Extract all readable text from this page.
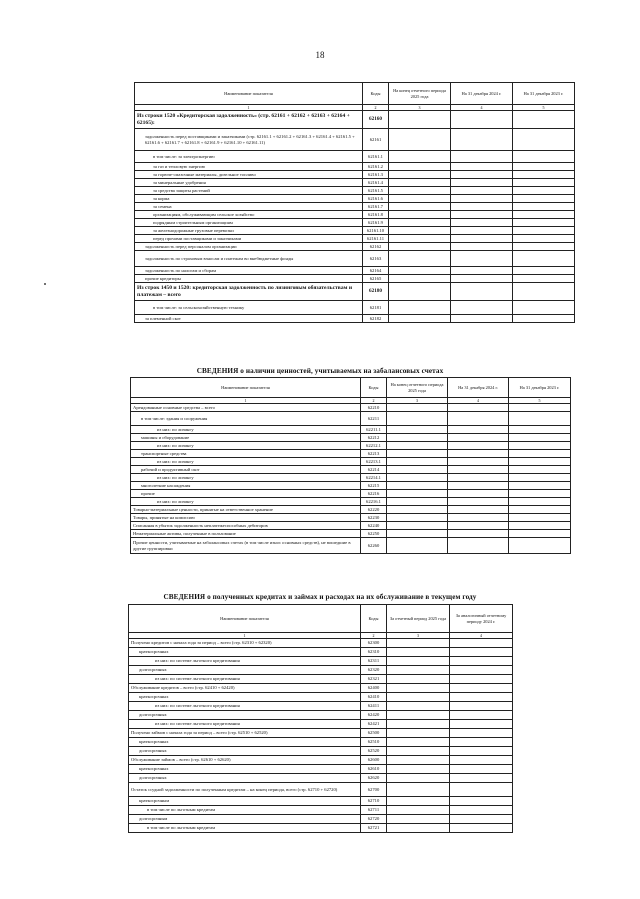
18
Наименование показателя	Коды	На конец отчетного периода 2025 года	На 31 декабря 2024 г.	На 31 декабря 2023 г.
1	2	3	4	5
Из строки 1520 «Кредиторская задолженность» (стр. 62161 + 62162 + 62163 + 62164 + 62165):	62160			
задолженность перед поставщиками и заказчиками (стр. 62161.1 + 62161.2 + 62161.3 + 62161.4 + 62161.5 + 62161.6 + 62161.7 + 62161.8 + 62161.9 + 62161.10 + 62161.11)	62161			
в том числе: за электроэнергию	62161.1			
за газ и тепловую энергию	62161.2			
за горюче-смазочные материалы, дизельное топливо	62161.3			
за минеральные удобрения	62161.4			
за средства защиты растений	62161.5			
за корма	62161.6			
за семена	62161.7			
организациям, обслуживающим сельское хозяйство	62161.8			
подрядным строительным организациям	62161.9			
за железнодорожные грузовые перевозки	62161.10			
перед прочими поставщиками и заказчиками	62161.11			
задолженность перед персоналом организации	62162			
задолженность по страховым взносам и платежам во внебюджетные фонды	62163			
задолженность по налогам и сборам	62164			
прочие кредиторы	62165			
Из строк 1450 и 1520: кредиторская задолженность по лизинговым обязательствам и платежам – всего	62180			
в том числе: за сельскохозяйственную технику	62181			
за племенной скот	62182			
СВЕДЕНИЯ о наличии ценностей, учитываемых на забалансовых счетах
Наименование показателя	Коды	На конец отчетного периода 2025 года	На 31 декабря 2024 г.	На 31 декабря 2023 г.
1	2	3	4	5
Арендованные основные средства – всего	62210			
в том числе: здания и сооружения	62211			
из них: по лизингу	62211.1			
машины и оборудование	62212			
из них: по лизингу	62212.1			
транспортные средства	62213			
из них: по лизингу	62213.1			
рабочий и продуктивный скот	62214			
из них: по лизингу	62214.1			
многолетние насаждения	62215			
прочие	62216			
из них: по лизингу	62216.1			
Товарно-материальные ценности, принятые на ответственное хранение	62220			
Товары, принятые на комиссию	62230			
Списанная в убыток задолженность неплатежеспособных дебиторов	62240			
Нематериальные активы, полученные в пользование	62250			
Прочие ценности, учитываемые на забалансовых счетах (в том числе износ основных средств), не вошедшие в другие группировки	62260			
СВЕДЕНИЯ о полученных кредитах и займах и расходах на их обслуживание в текущем году
Наименование показателя	Коды	За отчетный период 2025 года	За аналогичный отчетному периоду 2024 г.
1	2	3	4
Получено кредитов с начала года за период – всего (стр. 62310 + 62320)	62300		
краткосрочных	62310		
из них: по системе льготного кредитования	62311		
долгосрочных	62320		
из них: по системе льготного кредитования	62321		
Обслуживание кредитов – всего (стр. 62410 + 62420)	62400		
краткосрочных	62410		
из них: по системе льготного кредитования	62411		
долгосрочных	62420		
из них: по системе льготного кредитования	62421		
Получено займов с начала года за период – всего (стр. 62510 + 62520)	62500		
краткосрочных	62510		
долгосрочных	62520		
Обслуживание займов – всего (стр. 62610 + 62620)	62600		
краткосрочных	62610		
долгосрочных	62620		
Остаток ссудной задолженности по полученным кредитам – на конец периода, всего (стр. 62710 + 62720)	62700		
краткосрочным	62710		
в том числе по льготным кредитам	62711		
долгосрочным	62720		
в том числе по льготным кредитам	62721		
